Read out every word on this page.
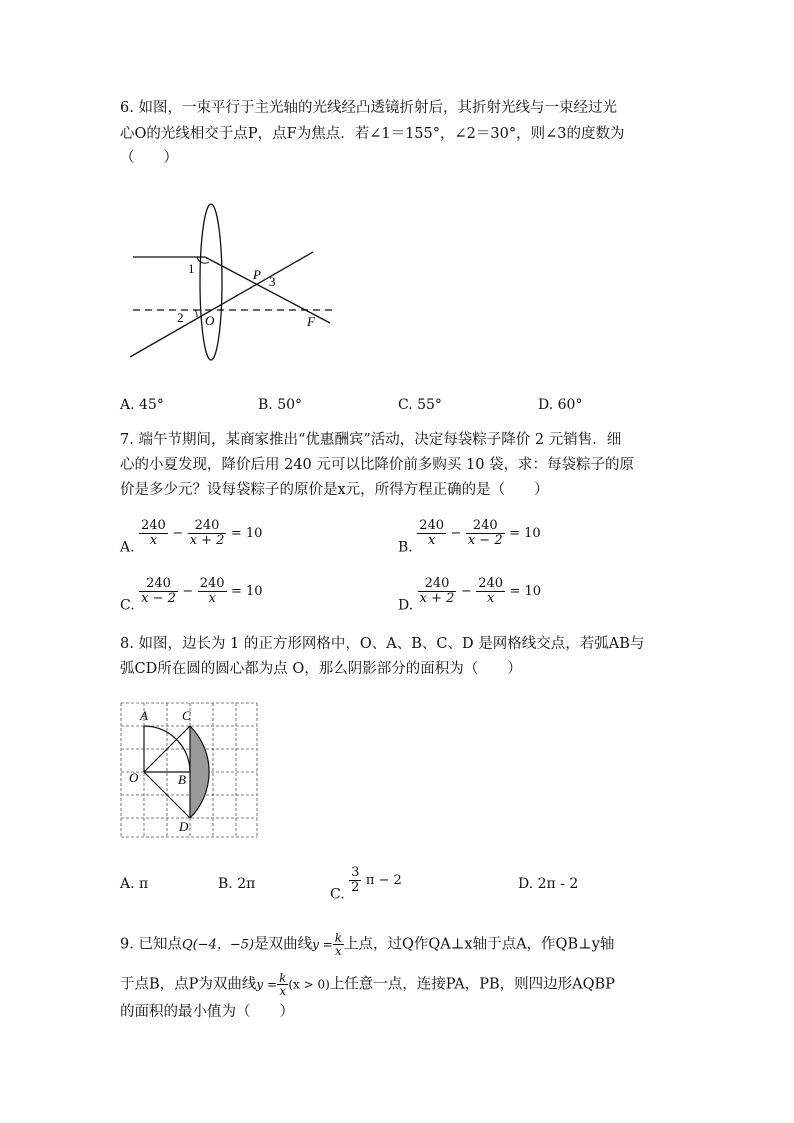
6. 如图，一束平行于主光轴的光线经凸透镜折射后，其折射光线与一束经过光
心O的光线相交于点P，点F为焦点．若∠1＝155°，∠2＝30°，则∠3的度数为
（　　）
1
2
P 3
O	F
A. 45°	B. 50°	C. 55°	D. 60°
7. 端午节期间，某商家推出“优惠酬宾”活动，决定每袋粽子降价 2 元销售．细
心的小夏发现，降价后用 240 元可以比降价前多购买 10 袋，求：每袋粽子的原
价是多少元？设每袋粽子的原价是x元，所得方程正确的是（　　）
A. $\frac{240}{x} - \frac{240}{x + 2} = 10$
B. $\frac{240}{x} - \frac{240}{x - 2} = 10$
C. $\frac{240}{x - 2} - \frac{240}{x} = 10$
D. $\frac{240}{x + 2} - \frac{240}{x} = 10$
8. 如图，边长为 1 的正方形网格中，O、A、B、C、D 是网格线交点，若弧AB与
弧CD所在圆的圆心都为点 O，那么阴影部分的面积为（　　）
A	C
O	B
D
A. π	B. 2π
C. $\frac{3}{2}$ π − 2	D. 2π - 2
9. 已知点Q(−4，−5)是双曲线$y = \frac{k}{x}$ 上点，过Q作QA⊥x轴于点A，作QB⊥y轴
于点B，点P为双曲线$y = \frac{k}{x} (x > 0)$上任意一点，连接PA，PB，则四边形AQBP
的面积的最小值为（　　）
